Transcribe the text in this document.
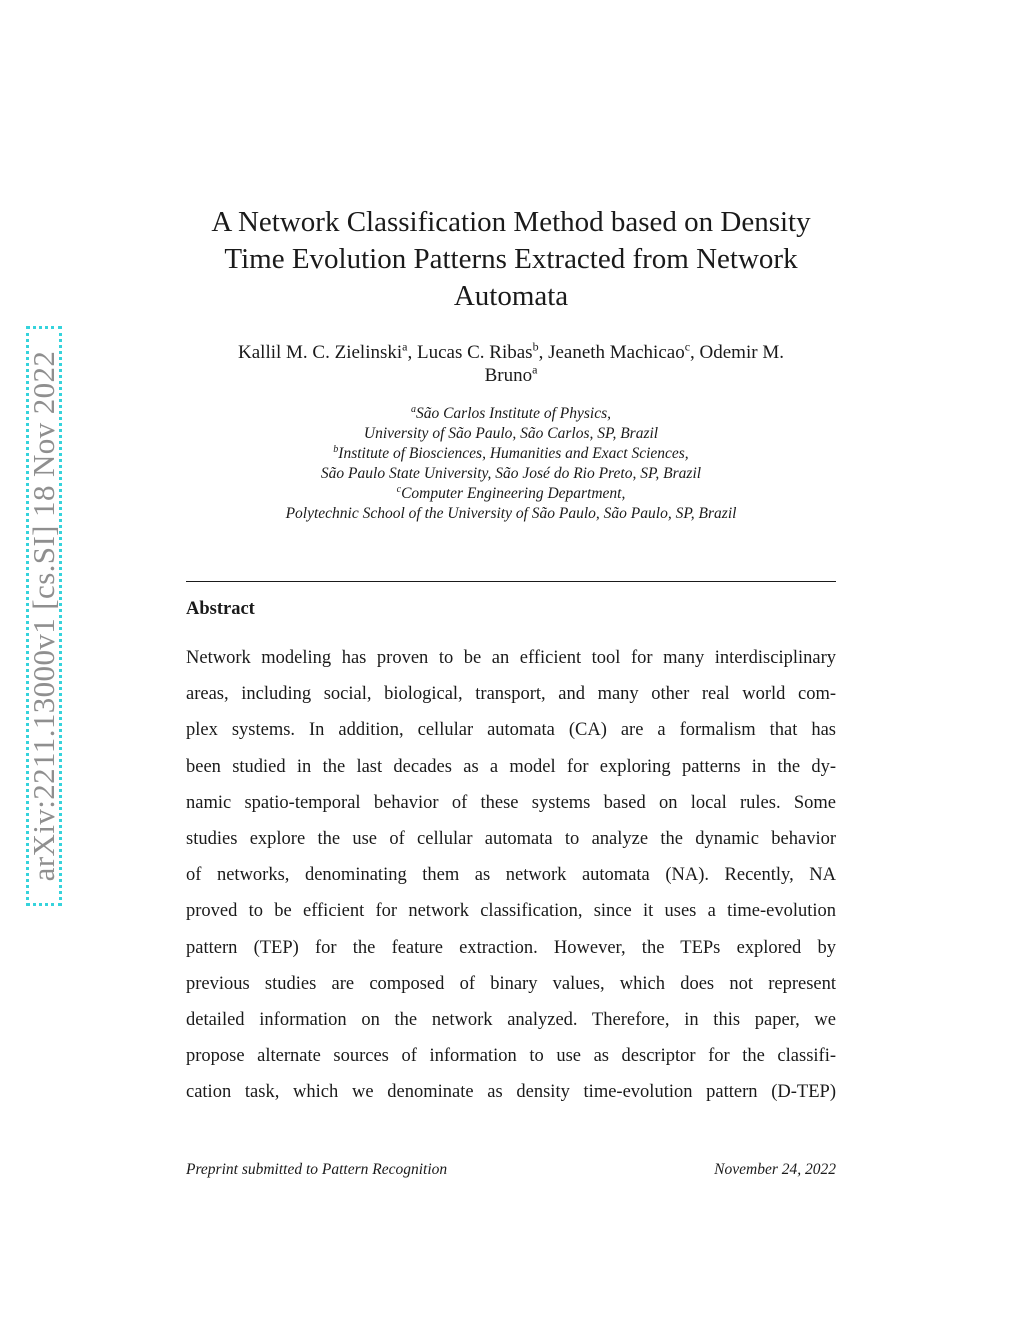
arXiv:2211.13000v1 [cs.SI] 18 Nov 2022
A Network Classification Method based on Density
Time Evolution Patterns Extracted from Network
Automata
Kallil M. C. Zielinski$^a$, Lucas C. Ribas$^b$, Jeaneth Machicao$^c$, Odemir M.
Bruno$^a$
$^a$São Carlos Institute of Physics,
University of São Paulo, São Carlos, SP, Brazil
$^b$Institute of Biosciences, Humanities and Exact Sciences,
São Paulo State University, São José do Rio Preto, SP, Brazil
$^c$Computer Engineering Department,
Polytechnic School of the University of São Paulo, São Paulo, SP, Brazil
Abstract
Network modeling has proven to be an efficient tool for many interdisciplinary
areas, including social, biological, transport, and many other real world com-
plex systems. In addition, cellular automata (CA) are a formalism that has
been studied in the last decades as a model for exploring patterns in the dy-
namic spatio-temporal behavior of these systems based on local rules. Some
studies explore the use of cellular automata to analyze the dynamic behavior
of networks, denominating them as network automata (NA). Recently, NA
proved to be efficient for network classification, since it uses a time-evolution
pattern (TEP) for the feature extraction. However, the TEPs explored by
previous studies are composed of binary values, which does not represent
detailed information on the network analyzed. Therefore, in this paper, we
propose alternate sources of information to use as descriptor for the classifi-
cation task, which we denominate as density time-evolution pattern (D-TEP)
Preprint submitted to Pattern Recognition	November 24, 2022
